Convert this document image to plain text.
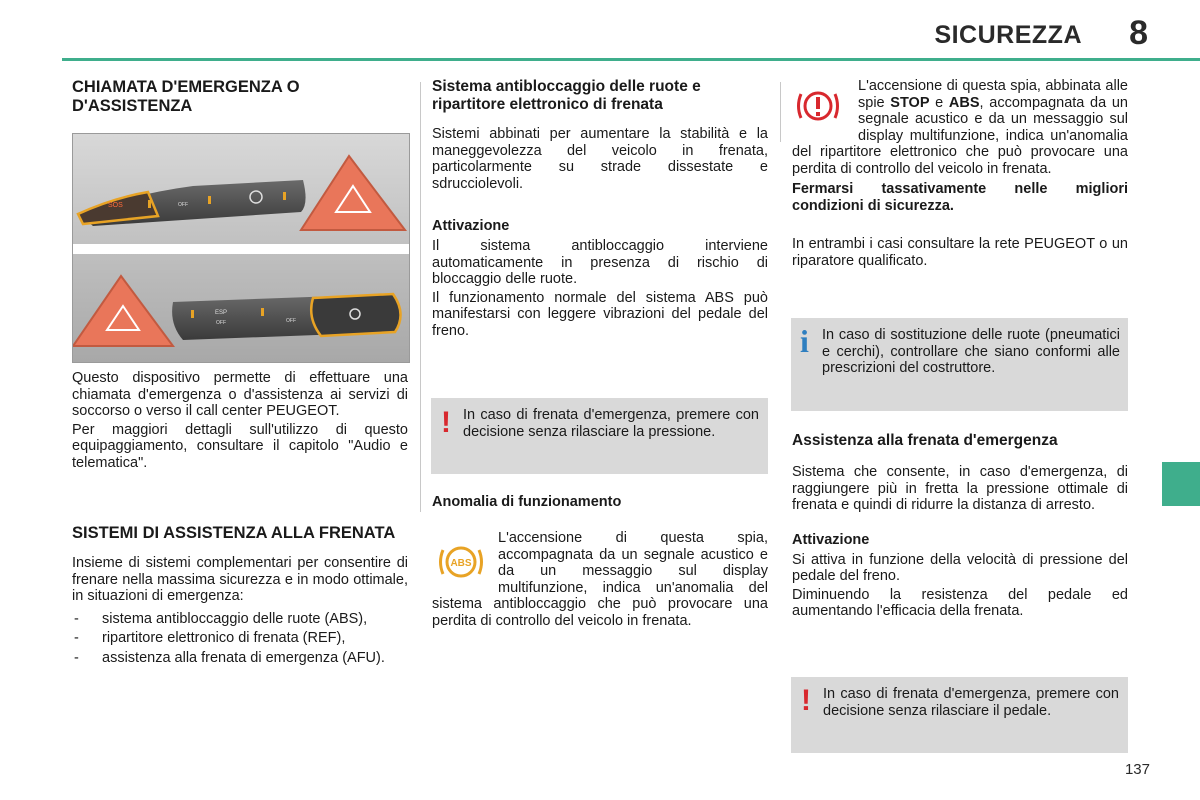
SICUREZZA 8
CHIAMATA D'EMERGENZA O D'ASSISTENZA
SOS	OFF
ESP
OFF	OFF

Questo dispositivo permette di effettuare una chiamata d'emergenza o d'assistenza ai servizi di soccorso o verso il call center PEUGEOT.

Per maggiori dettagli sull'utilizzo di questo equipaggiamento, consultare il capitolo "Audio e telematica".

SISTEMI DI ASSISTENZA ALLA FRENATA

Insieme di sistemi complementari per consentire di frenare nella massima sicurezza e in modo ottimale, in situazioni di emergenza:

- sistema antibloccaggio delle ruote (ABS),
- ripartitore elettronico di frenata (REF),
- assistenza alla frenata di emergenza (AFU).
Sistema antibloccaggio delle ruote e ripartitore elettronico di frenata

Sistemi abbinati per aumentare la stabilità e la maneggevolezza del veicolo in frenata, particolarmente su strade dissestate e sdrucciolevoli.

Attivazione

Il sistema antibloccaggio interviene automaticamente in presenza di rischio di bloccaggio delle ruote.

Il funzionamento normale del sistema ABS può manifestarsi con leggere vibrazioni del pedale del freno.

! In caso di frenata d'emergenza, premere con decisione senza rilasciare la pressione.

Anomalia di funzionamento
ABS

L'accensione di questa spia, accompagnata da un segnale acustico e da un messaggio sul display multifunzione, indica un'anomalia del sistema antibloccaggio che può provocare una perdita di controllo del veicolo in frenata.

L'accensione di questa spia, abbinata alle spie STOP e ABS, accompagnata da un segnale acustico e da un messaggio sul display multifunzione, indica un'anomalia del ripartitore elettronico che può provocare una perdita di controllo del veicolo in frenata.

Fermarsi tassativamente nelle migliori condizioni di sicurezza.

In entrambi i casi consultare la rete PEUGEOT o un riparatore qualificato.

i In caso di sostituzione delle ruote (pneumatici e cerchi), controllare che siano conformi alle prescrizioni del costruttore.

Assistenza alla frenata d'emergenza

Sistema che consente, in caso d'emergenza, di raggiungere più in fretta la pressione ottimale di frenata e quindi di ridurre la distanza di arresto.

Attivazione

Si attiva in funzione della velocità di pressione del pedale del freno.

Diminuendo la resistenza del pedale ed aumentando l'efficacia della frenata.

! In caso di frenata d'emergenza, premere con decisione senza rilasciare il pedale.

137
